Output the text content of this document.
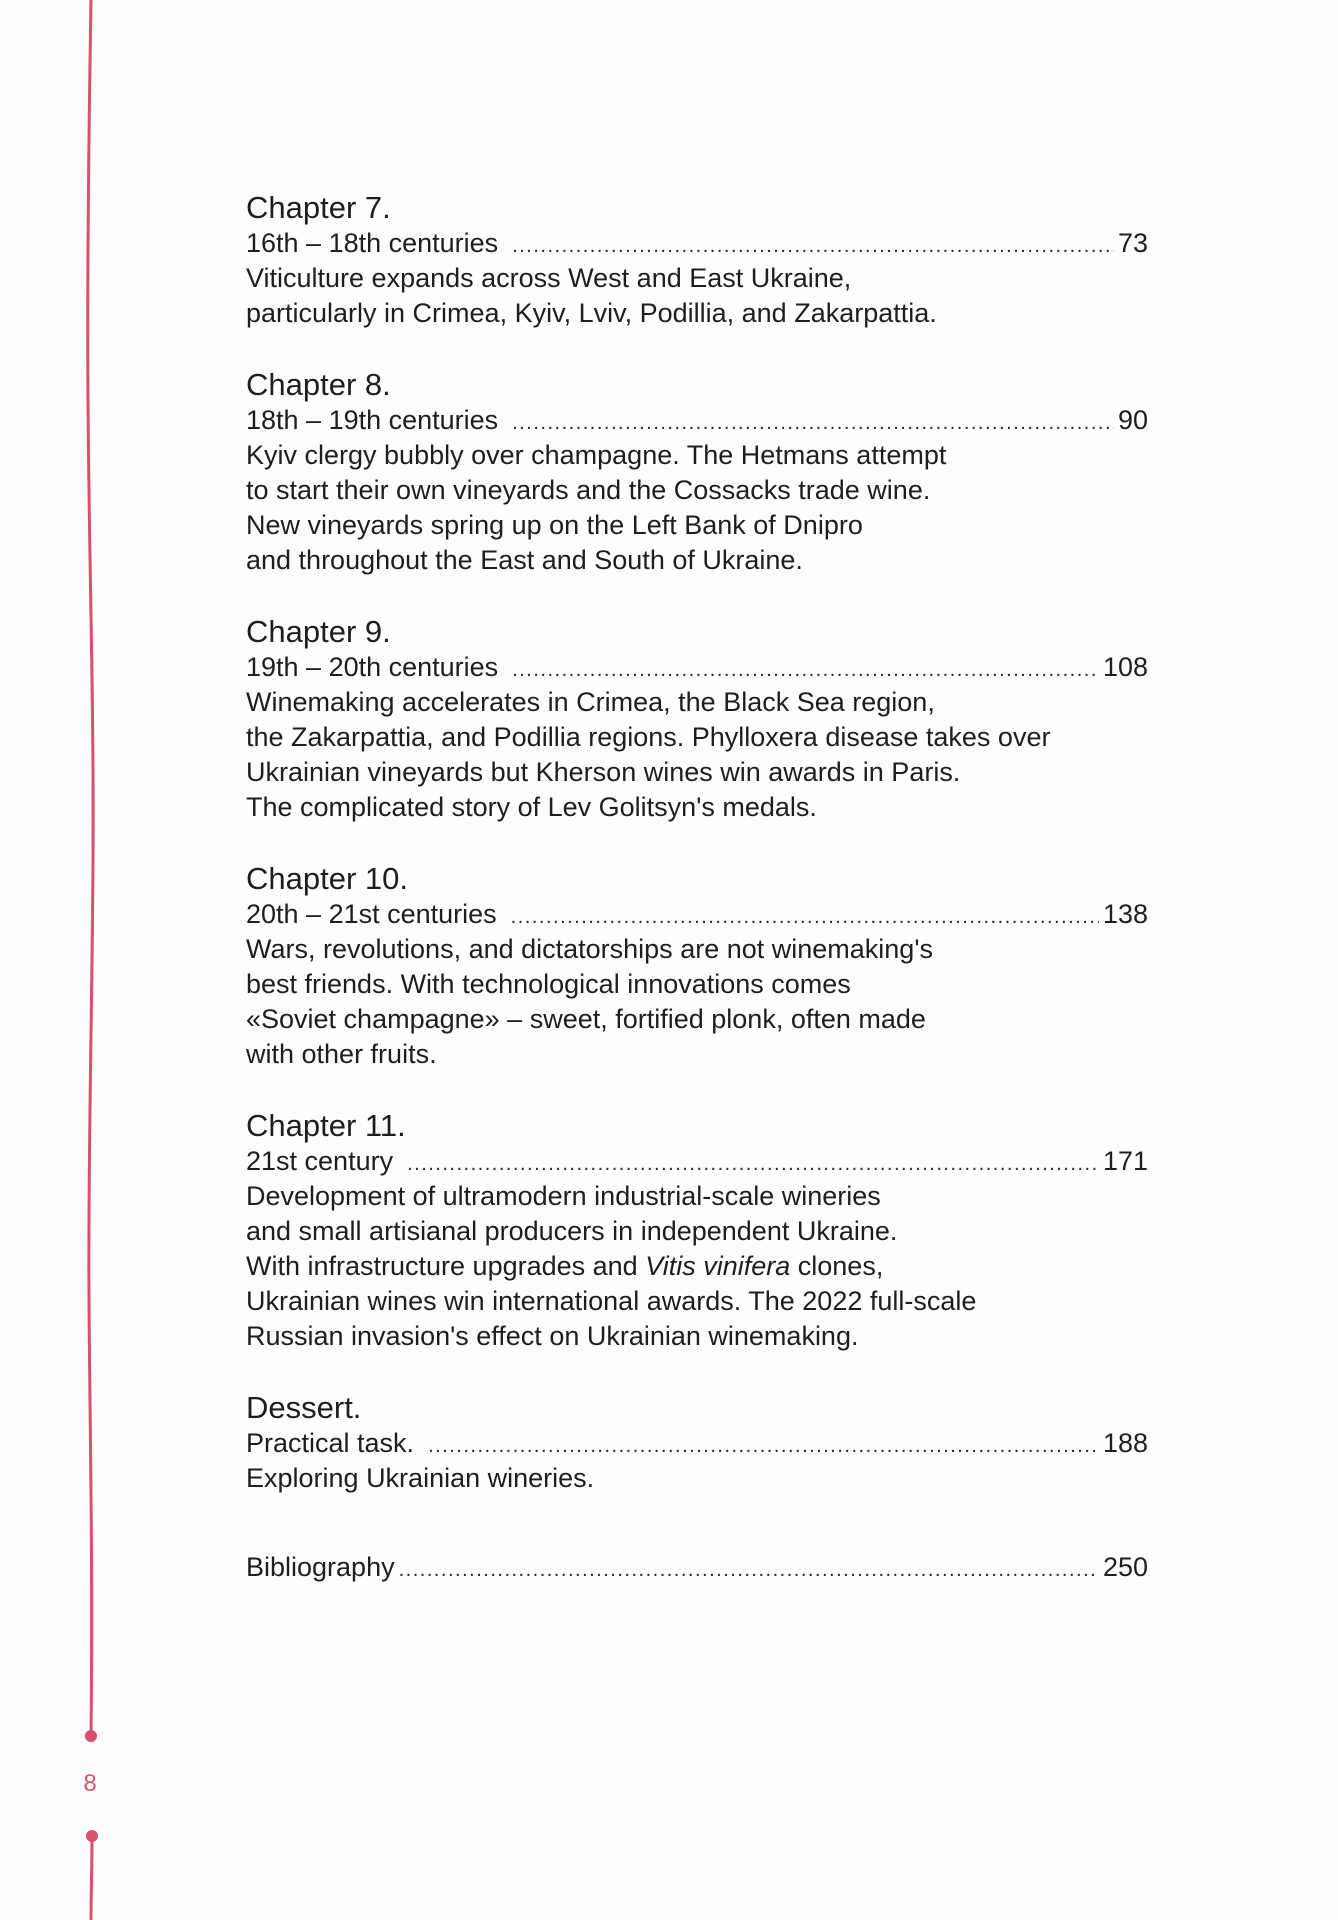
8
Chapter 7.
16th – 18th centuries .....	73
Viticulture expands across West and East Ukraine,
particularly in Crimea, Kyiv, Lviv, Podillia, and Zakarpattia.
Chapter 8.
18th – 19th centuries .....	90
Kyiv clergy bubbly over champagne. The Hetmans attempt
to start their own vineyards and the Cossacks trade wine.
New vineyards spring up on the Left Bank of Dnipro
and throughout the East and South of Ukraine.
Chapter 9.
19th – 20th centuries .....	108
Winemaking accelerates in Crimea, the Black Sea region,
the Zakarpattia, and Podillia regions. Phylloxera disease takes over
Ukrainian vineyards but Kherson wines win awards in Paris.
The complicated story of Lev Golitsyn's medals.
Chapter 10.
20th – 21st centuries .....	138
Wars, revolutions, and dictatorships are not winemaking's
best friends. With technological innovations comes
«Soviet champagne» – sweet, fortified plonk, often made
with other fruits.
Chapter 11.
21st century .....	171
Development of ultramodern industrial-scale wineries
and small artisianal producers in independent Ukraine.
With infrastructure upgrades and Vitis vinifera clones,
Ukrainian wines win international awards. The 2022 full-scale
Russian invasion's effect on Ukrainian winemaking.
Dessert.
Practical task. .....	188
Exploring Ukrainian wineries.
Bibliography .....	250
